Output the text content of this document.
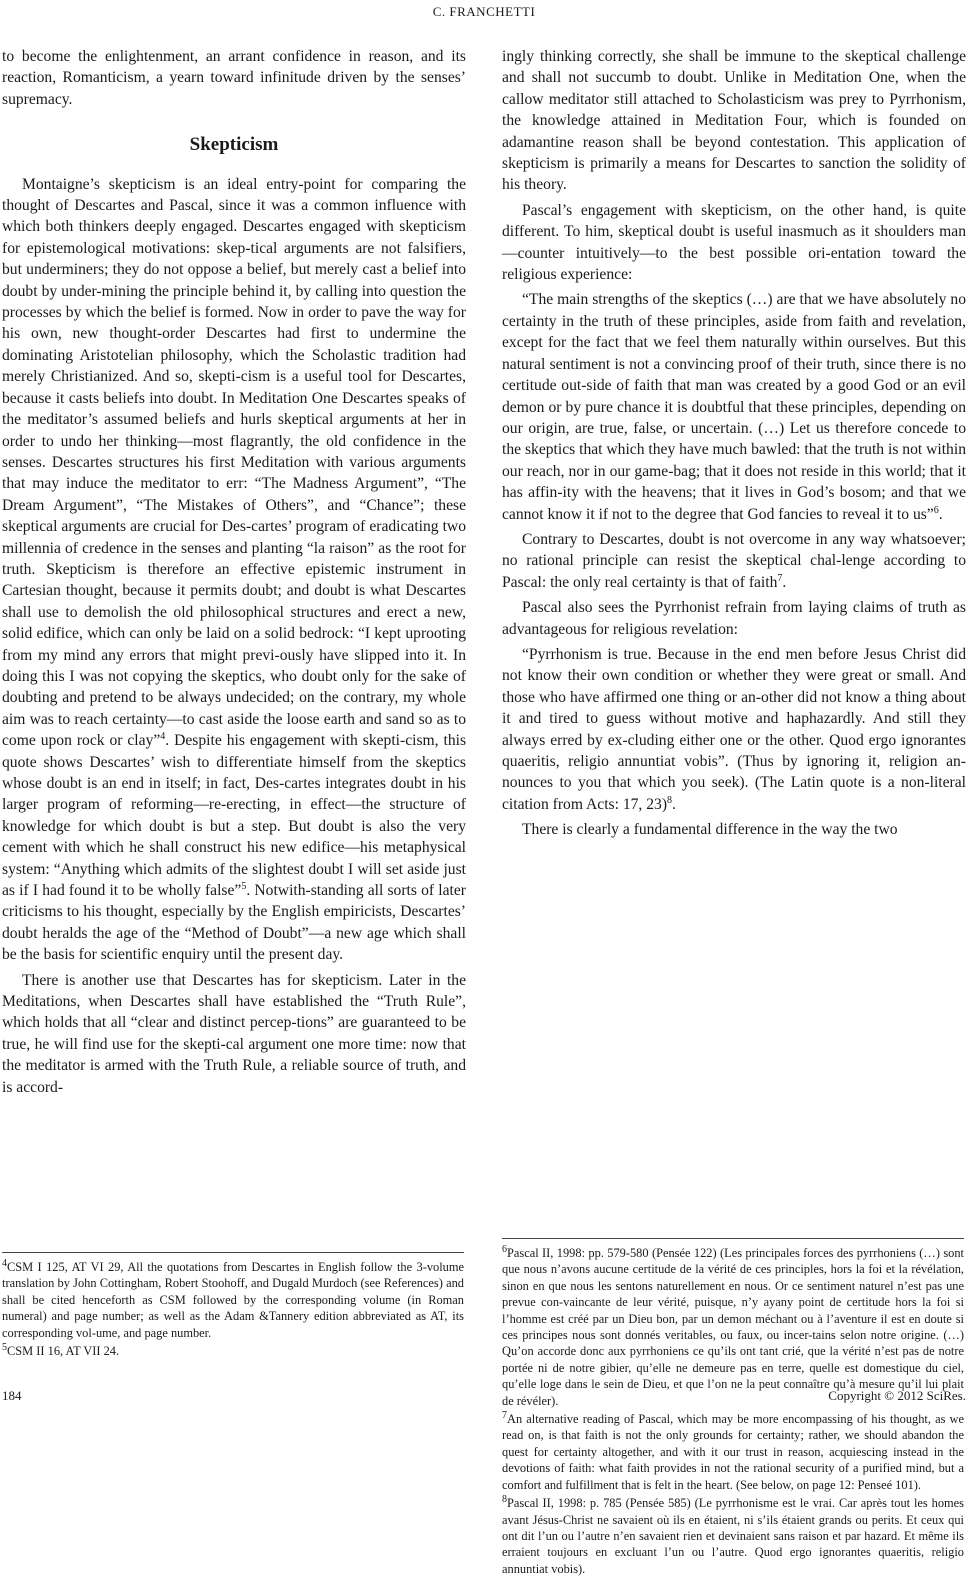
C. FRANCHETTI

to become the enlightenment, an arrant confidence in reason, and its reaction, Romanticism, a yearn toward infinitude driven by the senses’ supremacy.

Skepticism

Montaigne’s skepticism is an ideal entry-point for comparing the thought of Descartes and Pascal, since it was a common influence with which both thinkers deeply engaged. Descartes engaged with skepticism for epistemological motivations: skep-tical arguments are not falsifiers, but underminers; they do not oppose a belief, but merely cast a belief into doubt by under-mining the principle behind it, by calling into question the processes by which the belief is formed. Now in order to pave the way for his own, new thought-order Descartes had first to undermine the dominating Aristotelian philosophy, which the Scholastic tradition had merely Christianized. And so, skepti-cism is a useful tool for Descartes, because it casts beliefs into doubt. In Meditation One Descartes speaks of the meditator’s assumed beliefs and hurls skeptical arguments at her in order to undo her thinking—most flagrantly, the old confidence in the senses. Descartes structures his first Meditation with various arguments that may induce the meditator to err: “The Madness Argument”, “The Dream Argument”, “The Mistakes of Others”, and “Chance”; these skeptical arguments are crucial for Des-cartes’ program of eradicating two millennia of credence in the senses and planting “la raison” as the root for truth. Skepticism is therefore an effective epistemic instrument in Cartesian thought, because it permits doubt; and doubt is what Descartes shall use to demolish the old philosophical structures and erect a new, solid edifice, which can only be laid on a solid bedrock: “I kept uprooting from my mind any errors that might previ-ously have slipped into it. In doing this I was not copying the skeptics, who doubt only for the sake of doubting and pretend to be always undecided; on the contrary, my whole aim was to reach certainty—to cast aside the loose earth and sand so as to come upon rock or clay”$^4$. Despite his engagement with skepti-cism, this quote shows Descartes’ wish to differentiate himself from the skeptics whose doubt is an end in itself; in fact, Des-cartes integrates doubt in his larger program of reforming—re-erecting, in effect—the structure of knowledge for which doubt is but a step. But doubt is also the very cement with which he shall construct his new edifice—his metaphysical system: “Anything which admits of the slightest doubt I will set aside just as if I had found it to be wholly false”$^5$. Notwith-standing all sorts of later criticisms to his thought, especially by the English empiricists, Descartes’ doubt heralds the age of the “Method of Doubt”—a new age which shall be the basis for scientific enquiry until the present day.

There is another use that Descartes has for skepticism. Later in the Meditations, when Descartes shall have established the “Truth Rule”, which holds that all “clear and distinct percep-tions” are guaranteed to be true, he will find use for the skepti-cal argument one more time: now that the meditator is armed with the Truth Rule, a reliable source of truth, and is accord-

ingly thinking correctly, she shall be immune to the skeptical challenge and shall not succumb to doubt. Unlike in Meditation One, when the callow meditator still attached to Scholasticism was prey to Pyrrhonism, the knowledge attained in Meditation Four, which is founded on adamantine reason shall be beyond contestation. This application of skepticism is primarily a means for Descartes to sanction the solidity of his theory.

Pascal’s engagement with skepticism, on the other hand, is quite different. To him, skeptical doubt is useful inasmuch as it shoulders man—counter intuitively—to the best possible ori-entation toward the religious experience:

“The main strengths of the skeptics (…) are that we have absolutely no certainty in the truth of these principles, aside from faith and revelation, except for the fact that we feel them naturally within ourselves. But this natural sentiment is not a convincing proof of their truth, since there is no certitude out-side of faith that man was created by a good God or an evil demon or by pure chance it is doubtful that these principles, depending on our origin, are true, false, or uncertain. (…) Let us therefore concede to the skeptics that which they have much bawled: that the truth is not within our reach, nor in our game-bag; that it does not reside in this world; that it has affin-ity with the heavens; that it lives in God’s bosom; and that we cannot know it if not to the degree that God fancies to reveal it to us”$^6$.

Contrary to Descartes, doubt is not overcome in any way whatsoever; no rational principle can resist the skeptical chal-lenge according to Pascal: the only real certainty is that of faith$^7$.

Pascal also sees the Pyrrhonist refrain from laying claims of truth as advantageous for religious revelation:

“Pyrrhonism is true. Because in the end men before Jesus Christ did not know their own condition or whether they were great or small. And those who have affirmed one thing or an-other did not know a thing about it and tired to guess without motive and haphazardly. And still they always erred by ex-cluding either one or the other. Quod ergo ignorantes quaeritis, religio annuntiat vobis”. (Thus by ignoring it, religion an-nounces to you that which you seek). (The Latin quote is a non-literal citation from Acts: 17, 23)$^8$.

There is clearly a fundamental difference in the way the two

$^4$CSM I 125, AT VI 29, All the quotations from Descartes in English follow the 3-volume translation by John Cottingham, Robert Stoohoff, and Dugald Murdoch (see References) and shall be cited henceforth as CSM followed by the corresponding volume (in Roman numeral) and page number; as well as the Adam &Tannery edition abbreviated as AT, its corresponding vol-ume, and page number.
$^5$CSM II 16, AT VII 24.
$^6$Pascal II, 1998: pp. 579-580 (Pensée 122) (Les principales forces des pyrrhoniens (…) sont que nous n’avons aucune certitude de la vérité de ces principles, hors la foi et la révélation, sinon en que nous les sentons naturellement en nous. Or ce sentiment naturel n’est pas une prevue con-vaincante de leur vérité, puisque, n’y ayany point de certitude hors la foi si l’homme est créé par un Dieu bon, par un demon méchant ou à l’aventure il est en doute si ces principes nous sont donnés veritables, ou faux, ou incer-tains selon notre origine. (…) Qu’on accorde donc aux pyrrhoniens ce qu’ils ont tant crié, que la vérité n’est pas de notre portée ni de notre gibier, qu’elle ne demeure pas en terre, quelle est domestique du ciel, qu’elle loge dans le sein de Dieu, et que l’on ne la peut connaître qu’à mesure qu’il lui plait de révéler).
$^7$An alternative reading of Pascal, which may be more encompassing of his thought, as we read on, is that faith is not the only grounds for certainty; rather, we should abandon the quest for certainty altogether, and with it our trust in reason, acquiescing instead in the devotions of faith: what faith provides in not the rational security of a purified mind, but a comfort and fulfillment that is felt in the heart. (See below, on page 12: Penseé 101).
$^8$Pascal II, 1998: p. 785 (Pensée 585) (Le pyrrhonisme est le vrai. Car après tout les homes avant Jésus-Christ ne savaient où ils en étaient, ni s’ils étaient grands ou perits. Et ceux qui ont dit l’un ou l’autre n’en savaient rien et devinaient sans raison et par hazard. Et même ils erraient toujours en excluant l’un ou l’autre. Quod ergo ignorantes quaeritis, religio annuntiat vobis).
184	Copyright © 2012 SciRes.
